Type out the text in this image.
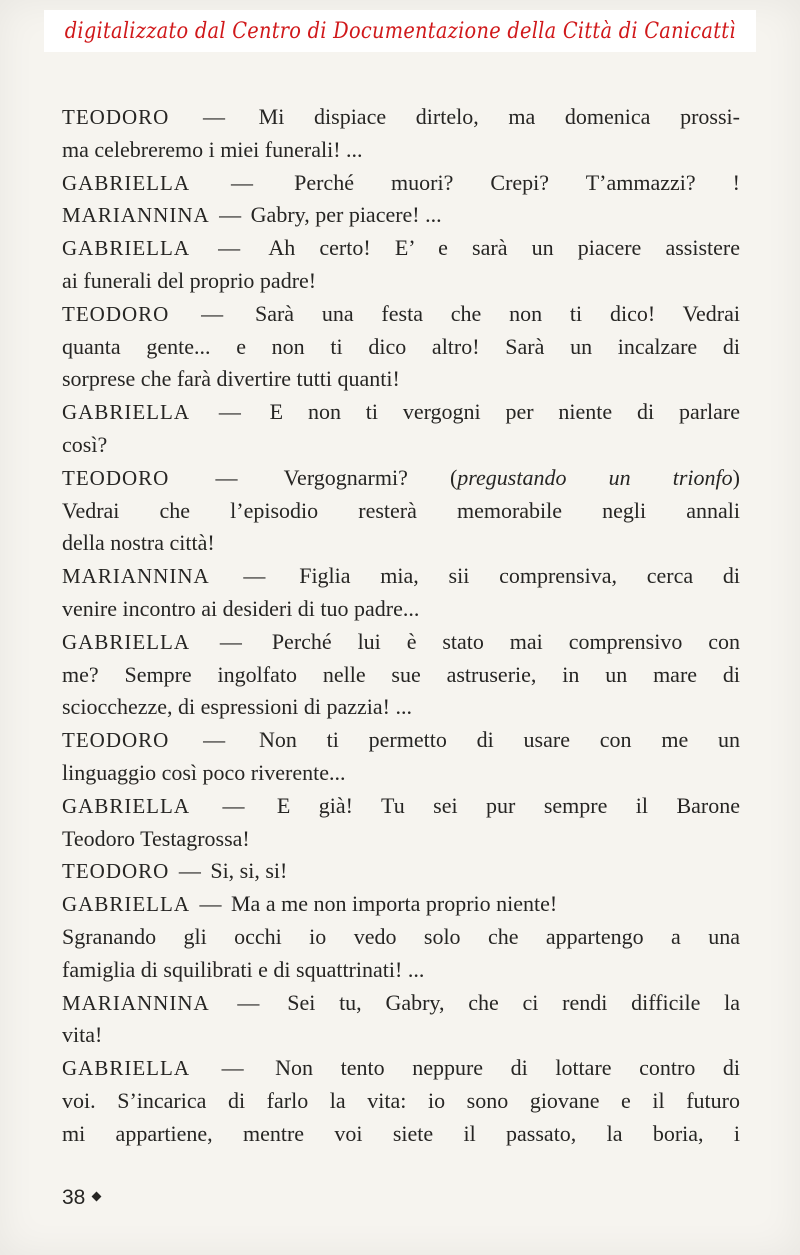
digitalizzato dal Centro di Documentazione della Città di Canicattì
TEODORO — Mi dispiace dirtelo, ma domenica prossi-
ma celebreremo i miei funerali! ...
GABRIELLA — Perché muori? Crepi? T’ammazzi? !
MARIANNINA — Gabry, per piacere! ...
GABRIELLA — Ah certo! E’ e sarà un piacere assistere
ai funerali del proprio padre!
TEODORO — Sarà una festa che non ti dico! Vedrai
quanta gente... e non ti dico altro! Sarà un incalzare di
sorprese che farà divertire tutti quanti!
GABRIELLA — E non ti vergogni per niente di parlare
così?
TEODORO — Vergognarmi? (pregustando un trionfo)
Vedrai che l’episodio resterà memorabile negli annali
della nostra città!
MARIANNINA — Figlia mia, sii comprensiva, cerca di
venire incontro ai desideri di tuo padre...
GABRIELLA — Perché lui è stato mai comprensivo con
me? Sempre ingolfato nelle sue astruserie, in un mare di
sciocchezze, di espressioni di pazzia! ...
TEODORO — Non ti permetto di usare con me un
linguaggio così poco riverente...
GABRIELLA — E già! Tu sei pur sempre il Barone
Teodoro Testagrossa!
TEODORO — Si, si, si!
GABRIELLA — Ma a me non importa proprio niente!
Sgranando gli occhi io vedo solo che appartengo a una
famiglia di squilibrati e di squattrinati! ...
MARIANNINA — Sei tu, Gabry, che ci rendi difficile la
vita!
GABRIELLA — Non tento neppure di lottare contro di
voi. S’incarica di farlo la vita: io sono giovane e il futuro
mi appartiene, mentre voi siete il passato, la boria, i
38
